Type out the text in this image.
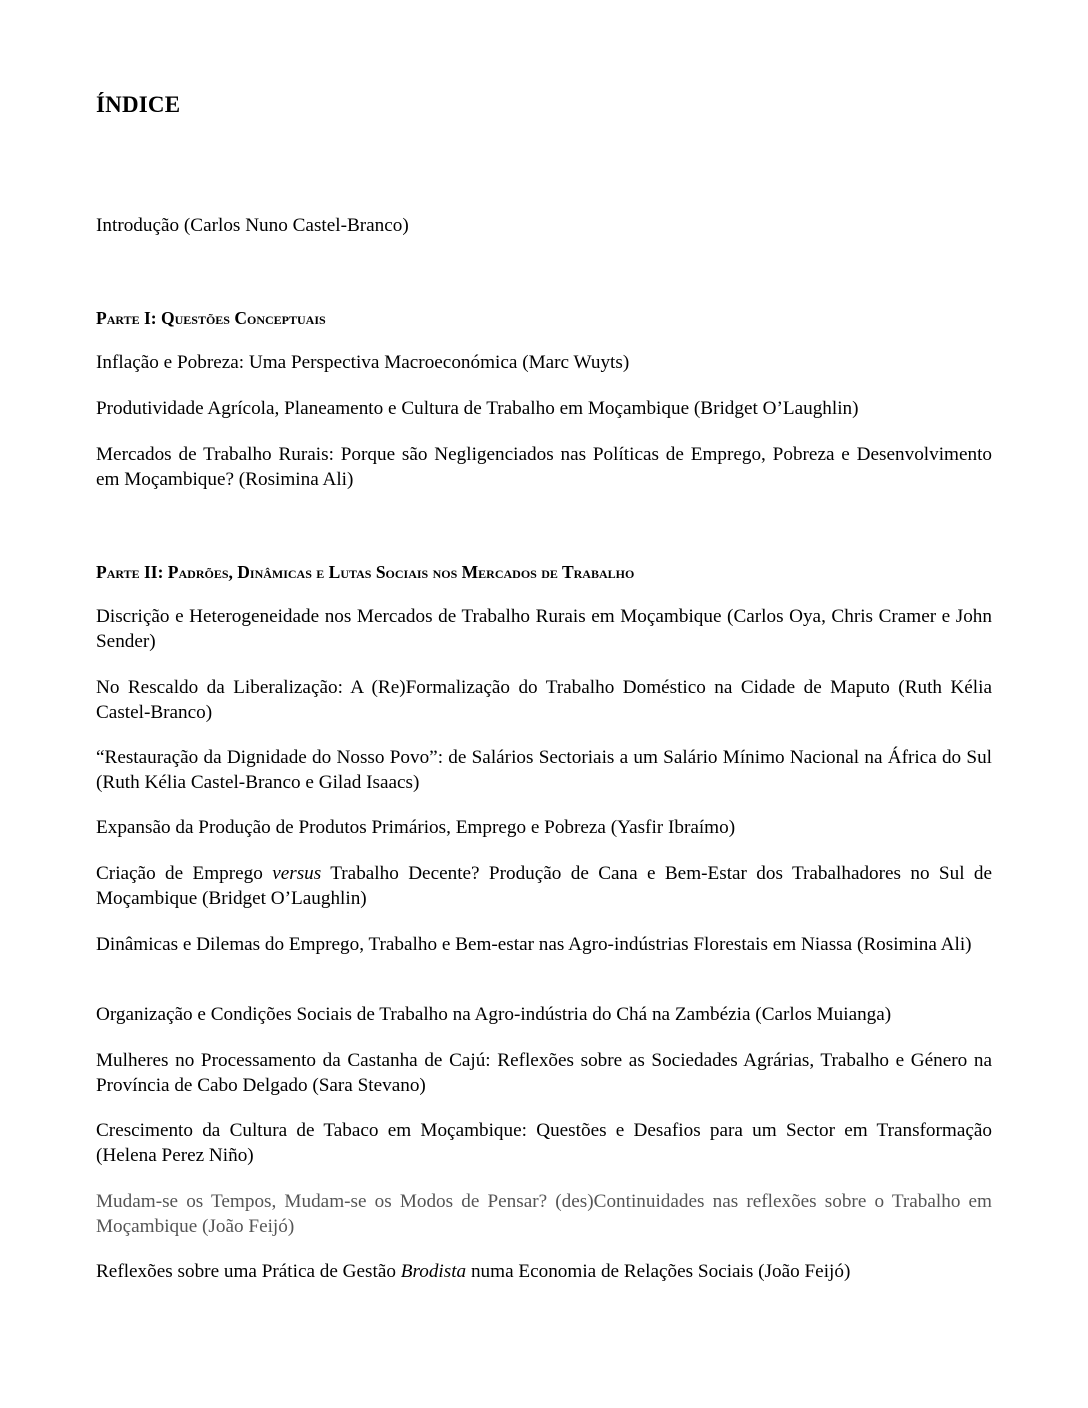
ÍNDICE

Introdução (Carlos Nuno Castel-Branco)

Parte I: Questões Conceptuais

Inflação e Pobreza: Uma Perspectiva Macroeconómica (Marc Wuyts)

Produtividade Agrícola, Planeamento e Cultura de Trabalho em Moçambique (Bridget O’Laughlin)

Mercados de Trabalho Rurais: Porque são Negligenciados nas Políticas de Emprego, Pobreza e Desenvolvimento em Moçambique? (Rosimina Ali)

Parte II: Padrões, Dinâmicas e Lutas Sociais nos Mercados de Trabalho

Discrição e Heterogeneidade nos Mercados de Trabalho Rurais em Moçambique (Carlos Oya, Chris Cramer e John Sender)

No Rescaldo da Liberalização: A (Re)Formalização do Trabalho Doméstico na Cidade de Maputo (Ruth Kélia Castel-Branco)

“Restauração da Dignidade do Nosso Povo”: de Salários Sectoriais a um Salário Mínimo Nacional na África do Sul (Ruth Kélia Castel-Branco e Gilad Isaacs)

Expansão da Produção de Produtos Primários, Emprego e Pobreza (Yasfir Ibraímo)

Criação de Emprego versus Trabalho Decente? Produção de Cana e Bem-Estar dos Trabalhadores no Sul de Moçambique (Bridget O’Laughlin)

Dinâmicas e Dilemas do Emprego, Trabalho e Bem-estar nas Agro-indústrias Florestais em Niassa (Rosimina Ali)

Organização e Condições Sociais de Trabalho na Agro-indústria do Chá na Zambézia (Carlos Muianga)

Mulheres no Processamento da Castanha de Cajú: Reflexões sobre as Sociedades Agrárias, Trabalho e Género na Província de Cabo Delgado (Sara Stevano)

Crescimento da Cultura de Tabaco em Moçambique: Questões e Desafios para um Sector em Transformação (Helena Perez Niño)

Mudam-se os Tempos, Mudam-se os Modos de Pensar? (des)Continuidades nas reflexões sobre o Trabalho em Moçambique (João Feijó)

Reflexões sobre uma Prática de Gestão Brodista numa Economia de Relações Sociais (João Feijó)
